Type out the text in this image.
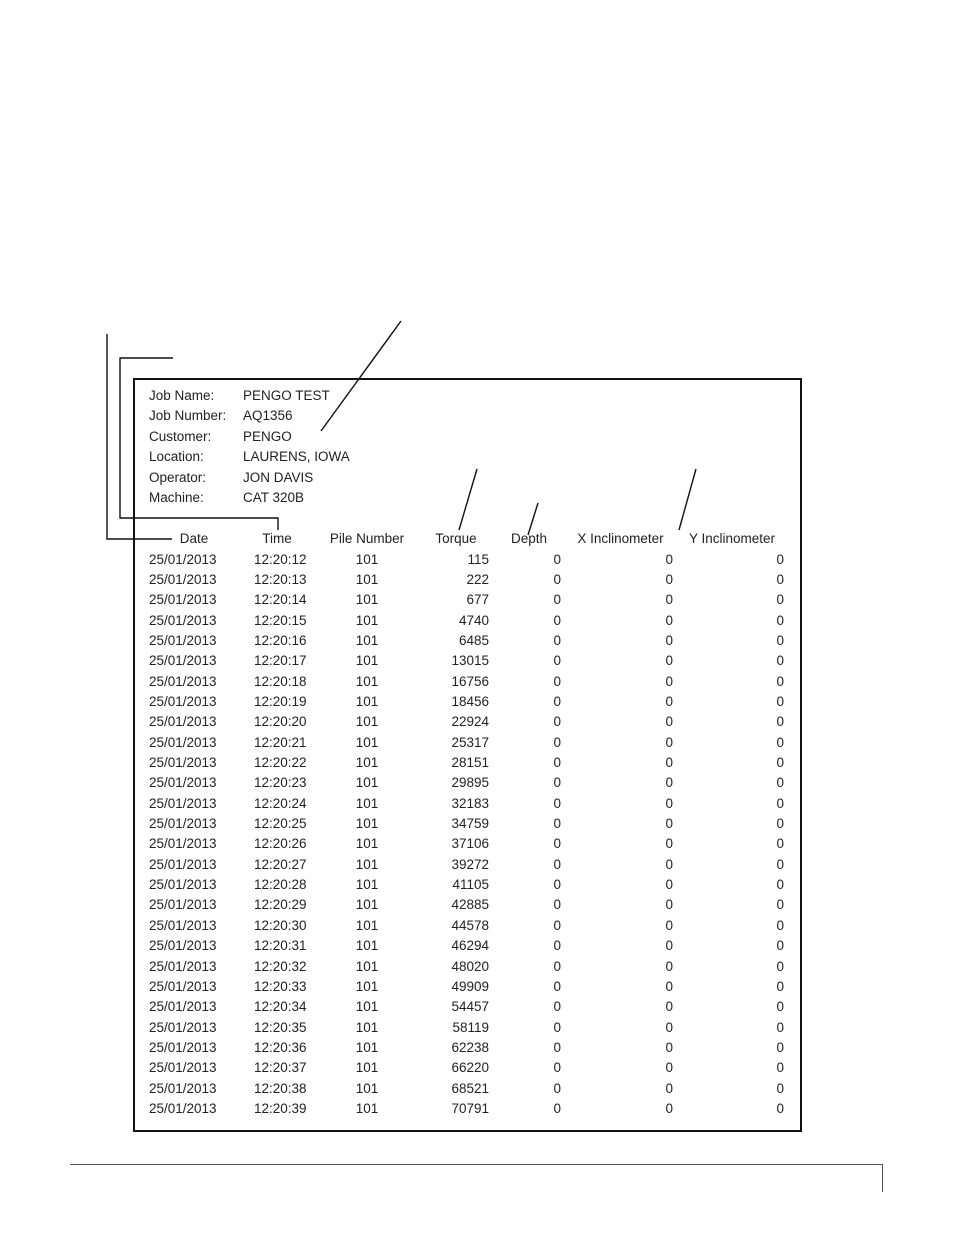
Job Name: PENGO TEST
Job Number: AQ1356
Customer: PENGO
Location:	LAURENS, IOWA
Operator:	JON DAVIS
Machine:	CAT 320B
Date	Time	Pile Number	Torque	Depth	X Inclinometer	Y Inclinometer
25/01/2013	12:20:12	101	115	0	0	0
25/01/2013	12:20:13	101	222	0	0	0
25/01/2013	12:20:14	101	677	0	0	0
25/01/2013	12:20:15	101	4740	0	0	0
25/01/2013	12:20:16	101	6485	0	0	0
25/01/2013	12:20:17	101	13015	0	0	0
25/01/2013	12:20:18	101	16756	0	0	0
25/01/2013	12:20:19	101	18456	0	0	0
25/01/2013	12:20:20	101	22924	0	0	0
25/01/2013	12:20:21	101	25317	0	0	0
25/01/2013	12:20:22	101	28151	0	0	0
25/01/2013	12:20:23	101	29895	0	0	0
25/01/2013	12:20:24	101	32183	0	0	0
25/01/2013	12:20:25	101	34759	0	0	0
25/01/2013	12:20:26	101	37106	0	0	0
25/01/2013	12:20:27	101	39272	0	0	0
25/01/2013	12:20:28	101	41105	0	0	0
25/01/2013	12:20:29	101	42885	0	0	0
25/01/2013	12:20:30	101	44578	0	0	0
25/01/2013	12:20:31	101	46294	0	0	0
25/01/2013	12:20:32	101	48020	0	0	0
25/01/2013	12:20:33	101	49909	0	0	0
25/01/2013	12:20:34	101	54457	0	0	0
25/01/2013	12:20:35	101	58119	0	0	0
25/01/2013	12:20:36	101	62238	0	0	0
25/01/2013	12:20:37	101	66220	0	0	0
25/01/2013	12:20:38	101	68521	0	0	0
25/01/2013	12:20:39	101	70791	0	0	0
